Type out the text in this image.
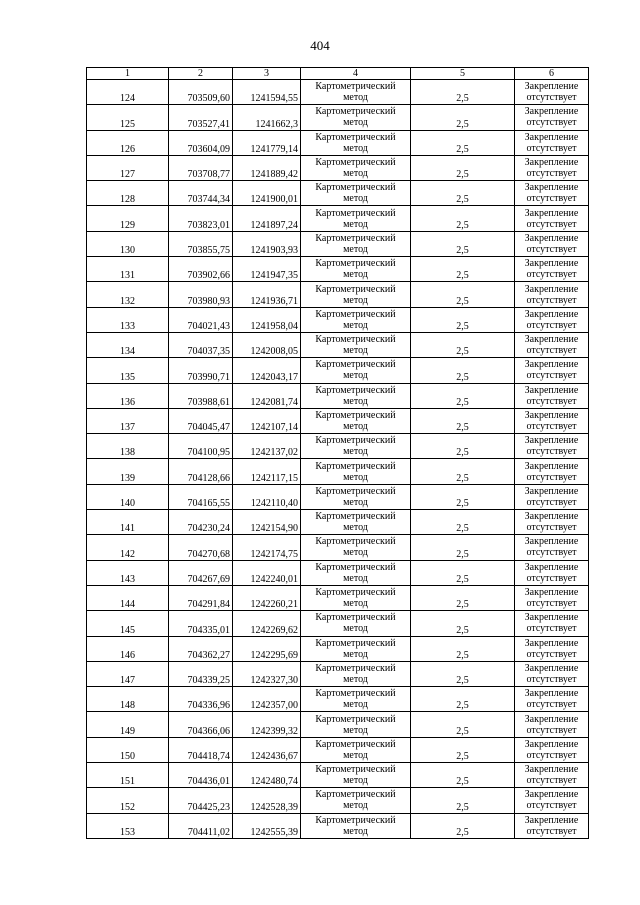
404
1	2	3	4	5	6
124	703509,60	1241594,55	Картометрический метод	2,5	Закрепление отсутствует
125	703527,41	1241662,3	Картометрический метод	2,5	Закрепление отсутствует
126	703604,09	1241779,14	Картометрический метод	2,5	Закрепление отсутствует
127	703708,77	1241889,42	Картометрический метод	2,5	Закрепление отсутствует
128	703744,34	1241900,01	Картометрический метод	2,5	Закрепление отсутствует
129	703823,01	1241897,24	Картометрический метод	2,5	Закрепление отсутствует
130	703855,75	1241903,93	Картометрический метод	2,5	Закрепление отсутствует
131	703902,66	1241947,35	Картометрический метод	2,5	Закрепление отсутствует
132	703980,93	1241936,71	Картометрический метод	2,5	Закрепление отсутствует
133	704021,43	1241958,04	Картометрический метод	2,5	Закрепление отсутствует
134	704037,35	1242008,05	Картометрический метод	2,5	Закрепление отсутствует
135	703990,71	1242043,17	Картометрический метод	2,5	Закрепление отсутствует
136	703988,61	1242081,74	Картометрический метод	2,5	Закрепление отсутствует
137	704045,47	1242107,14	Картометрический метод	2,5	Закрепление отсутствует
138	704100,95	1242137,02	Картометрический метод	2,5	Закрепление отсутствует
139	704128,66	1242117,15	Картометрический метод	2,5	Закрепление отсутствует
140	704165,55	1242110,40	Картометрический метод	2,5	Закрепление отсутствует
141	704230,24	1242154,90	Картометрический метод	2,5	Закрепление отсутствует
142	704270,68	1242174,75	Картометрический метод	2,5	Закрепление отсутствует
143	704267,69	1242240,01	Картометрический метод	2,5	Закрепление отсутствует
144	704291,84	1242260,21	Картометрический метод	2,5	Закрепление отсутствует
145	704335,01	1242269,62	Картометрический метод	2,5	Закрепление отсутствует
146	704362,27	1242295,69	Картометрический метод	2,5	Закрепление отсутствует
147	704339,25	1242327,30	Картометрический метод	2,5	Закрепление отсутствует
148	704336,96	1242357,00	Картометрический метод	2,5	Закрепление отсутствует
149	704366,06	1242399,32	Картометрический метод	2,5	Закрепление отсутствует
150	704418,74	1242436,67	Картометрический метод	2,5	Закрепление отсутствует
151	704436,01	1242480,74	Картометрический метод	2,5	Закрепление отсутствует
152	704425,23	1242528,39	Картометрический метод	2,5	Закрепление отсутствует
153	704411,02	1242555,39	Картометрический метод	2,5	Закрепление отсутствует
